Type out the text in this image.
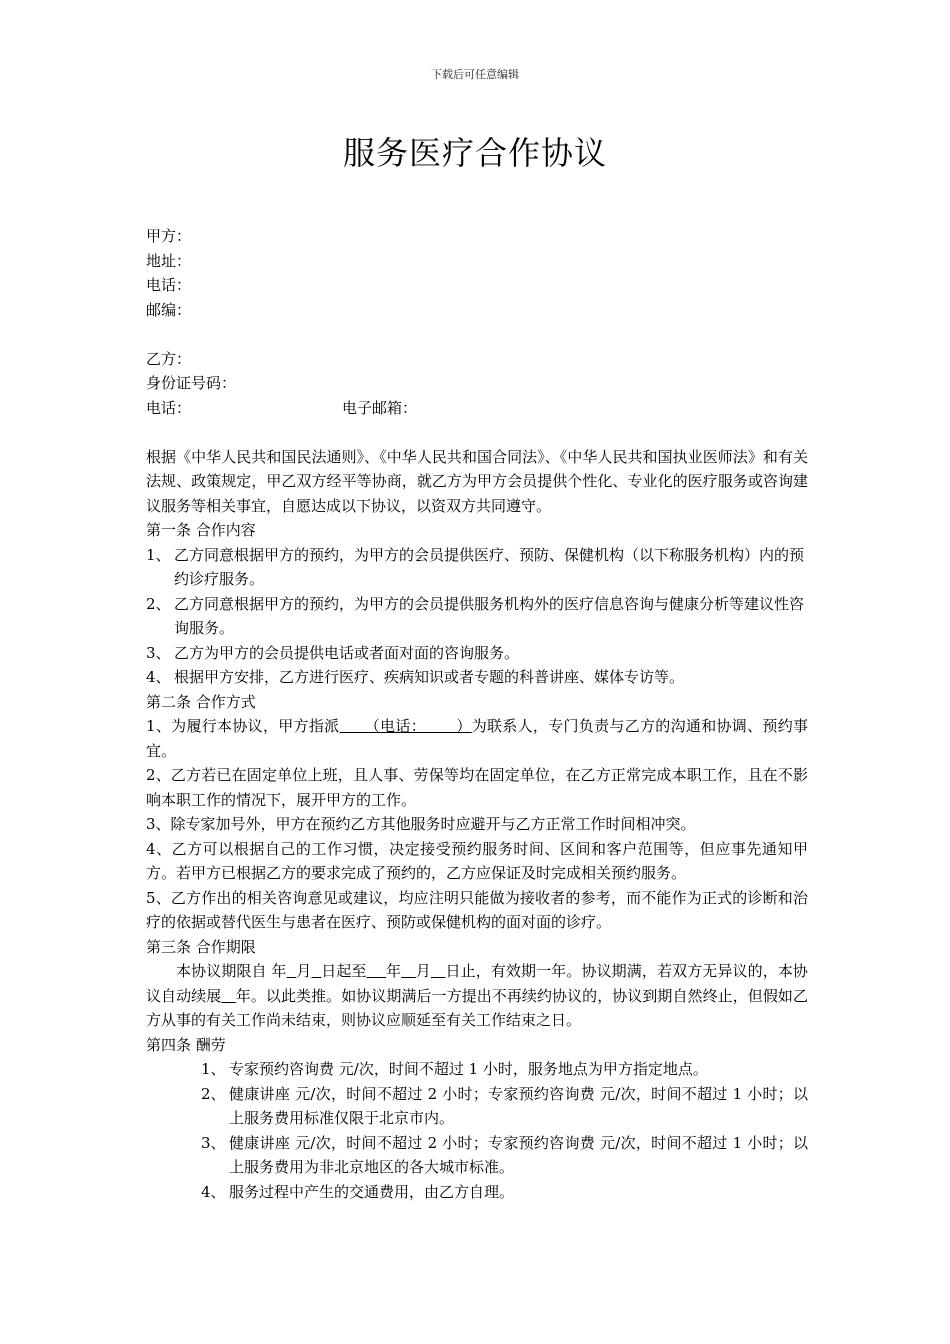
下载后可任意编辑
服务医疗合作协议
甲方：
地址：
电话：
邮编：
乙方：
身份证号码：
电话：	电子邮箱：
根据《中华人民共和国民法通则》、《中华人民共和国合同法》、《中华人民共和国执业医师法》和有关法规、政策规定，甲乙双方经平等协商，就乙方为甲方会员提供个性化、专业化的医疗服务或咨询建议服务等相关事宜，自愿达成以下协议，以资双方共同遵守。
第一条 合作内容
1、 乙方同意根据甲方的预约，为甲方的会员提供医疗、预防、保健机构（以下称服务机构）内的预约诊疗服务。
2、 乙方同意根据甲方的预约，为甲方的会员提供服务机构外的医疗信息咨询与健康分析等建议性咨询服务。
3、 乙方为甲方的会员提供电话或者面对面的咨询服务。
4、 根据甲方安排，乙方进行医疗、疾病知识或者专题的科普讲座、媒体专访等。
第二条 合作方式
1、为履行本协议，甲方指派     （电话：      ）为联系人，专门负责与乙方的沟通和协调、预约事宜。
2、乙方若已在固定单位上班，且人事、劳保等均在固定单位，在乙方正常完成本职工作，且在不影响本职工作的情况下，展开甲方的工作。
3、除专家加号外，甲方在预约乙方其他服务时应避开与乙方正常工作时间相冲突。
4、乙方可以根据自己的工作习惯，决定接受预约服务时间、区间和客户范围等，但应事先通知甲方。若甲方已根据乙方的要求完成了预约的，乙方应保证及时完成相关预约服务。
5、乙方作出的相关咨询意见或建议，均应注明只能做为接收者的参考，而不能作为正式的诊断和治疗的依据或替代医生与患者在医疗、预防或保健机构的面对面的诊疗。
第三条 合作期限
本协议期限自 年 月 日起至 年 月 日止，有效期一年。协议期满，若双方无异议的，本协议自动续展 年。以此类推。如协议期满后一方提出不再续约协议的，协议到期自然终止，但假如乙方从事的有关工作尚未结束，则协议应顺延至有关工作结束之日。
第四条 酬劳
1、 专家预约咨询费 元/次，时间不超过 1 小时，服务地点为甲方指定地点。
2、 健康讲座 元/次，时间不超过 2 小时；专家预约咨询费 元/次，时间不超过 1 小时；以上服务费用标准仅限于北京市内。
3、 健康讲座 元/次，时间不超过 2 小时；专家预约咨询费 元/次，时间不超过 1 小时；以上服务费用为非北京地区的各大城市标准。
4、 服务过程中产生的交通费用，由乙方自理。
